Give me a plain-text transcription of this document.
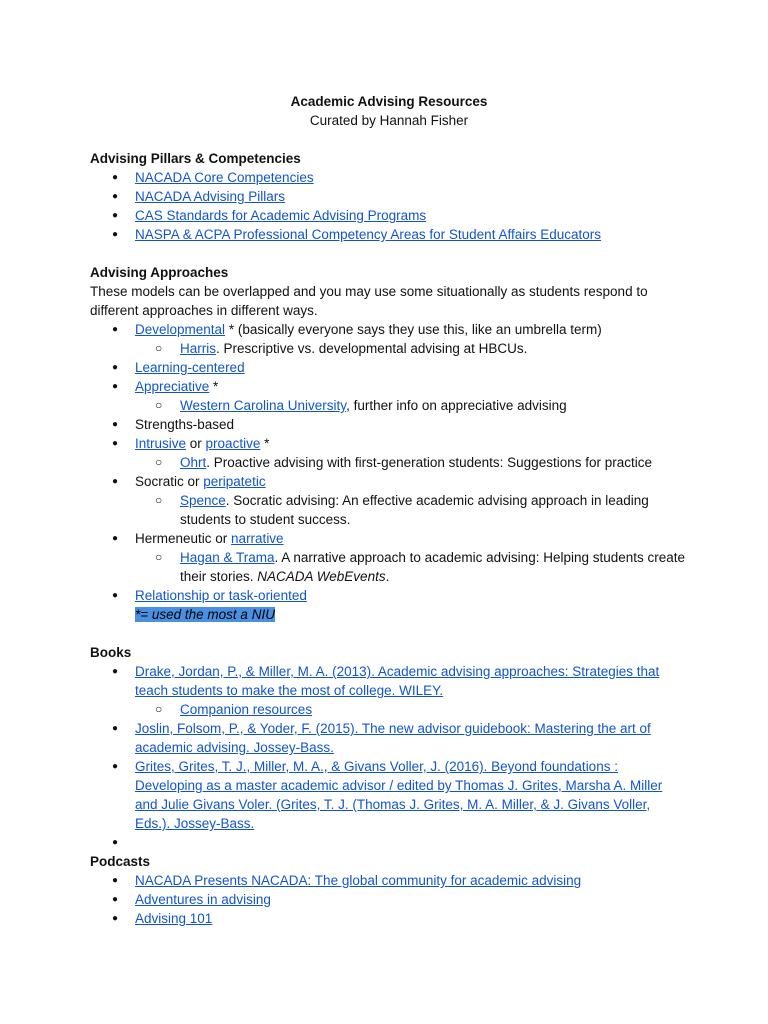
Academic Advising Resources

Curated by Hannah Fisher

Advising Pillars & Competencies

● NACADA Core Competencies
● NACADA Advising Pillars
● CAS Standards for Academic Advising Programs
● NASPA & ACPA Professional Competency Areas for Student Affairs Educators

Advising Approaches

These models can be overlapped and you may use some situationally as students respond to different approaches in different ways.

● Developmental * (basically everyone says they use this, like an umbrella term)
○ Harris. Prescriptive vs. developmental advising at HBCUs.
● Learning-centered
● Appreciative *
○ Western Carolina University, further info on appreciative advising
● Strengths-based
● Intrusive or proactive *
○ Ohrt. Proactive advising with first-generation students: Suggestions for practice
● Socratic or peripatetic
○ Spence. Socratic advising: An effective academic advising approach in leading students to student success.
● Hermeneutic or narrative
○ Hagan & Trama. A narrative approach to academic advising: Helping students create their stories. NACADA WebEvents.
● Relationship or task-oriented
*= used the most a NIU

Books

● Drake, Jordan, P., & Miller, M. A. (2013). Academic advising approaches: Strategies that teach students to make the most of college. WILEY.
○ Companion resources
● Joslin, Folsom, P., & Yoder, F. (2015). The new advisor guidebook: Mastering the art of academic advising. Jossey-Bass.
● Grites, Grites, T. J., Miller, M. A., & Givans Voller, J. (2016). Beyond foundations : Developing as a master academic advisor / edited by Thomas J. Grites, Marsha A. Miller and Julie Givans Voler. (Grites, T. J. (Thomas J. Grites, M. A. Miller, & J. Givans Voller, Eds.). Jossey-Bass.
●

Podcasts

● NACADA Presents NACADA: The global community for academic advising
● Adventures in advising
● Advising 101
